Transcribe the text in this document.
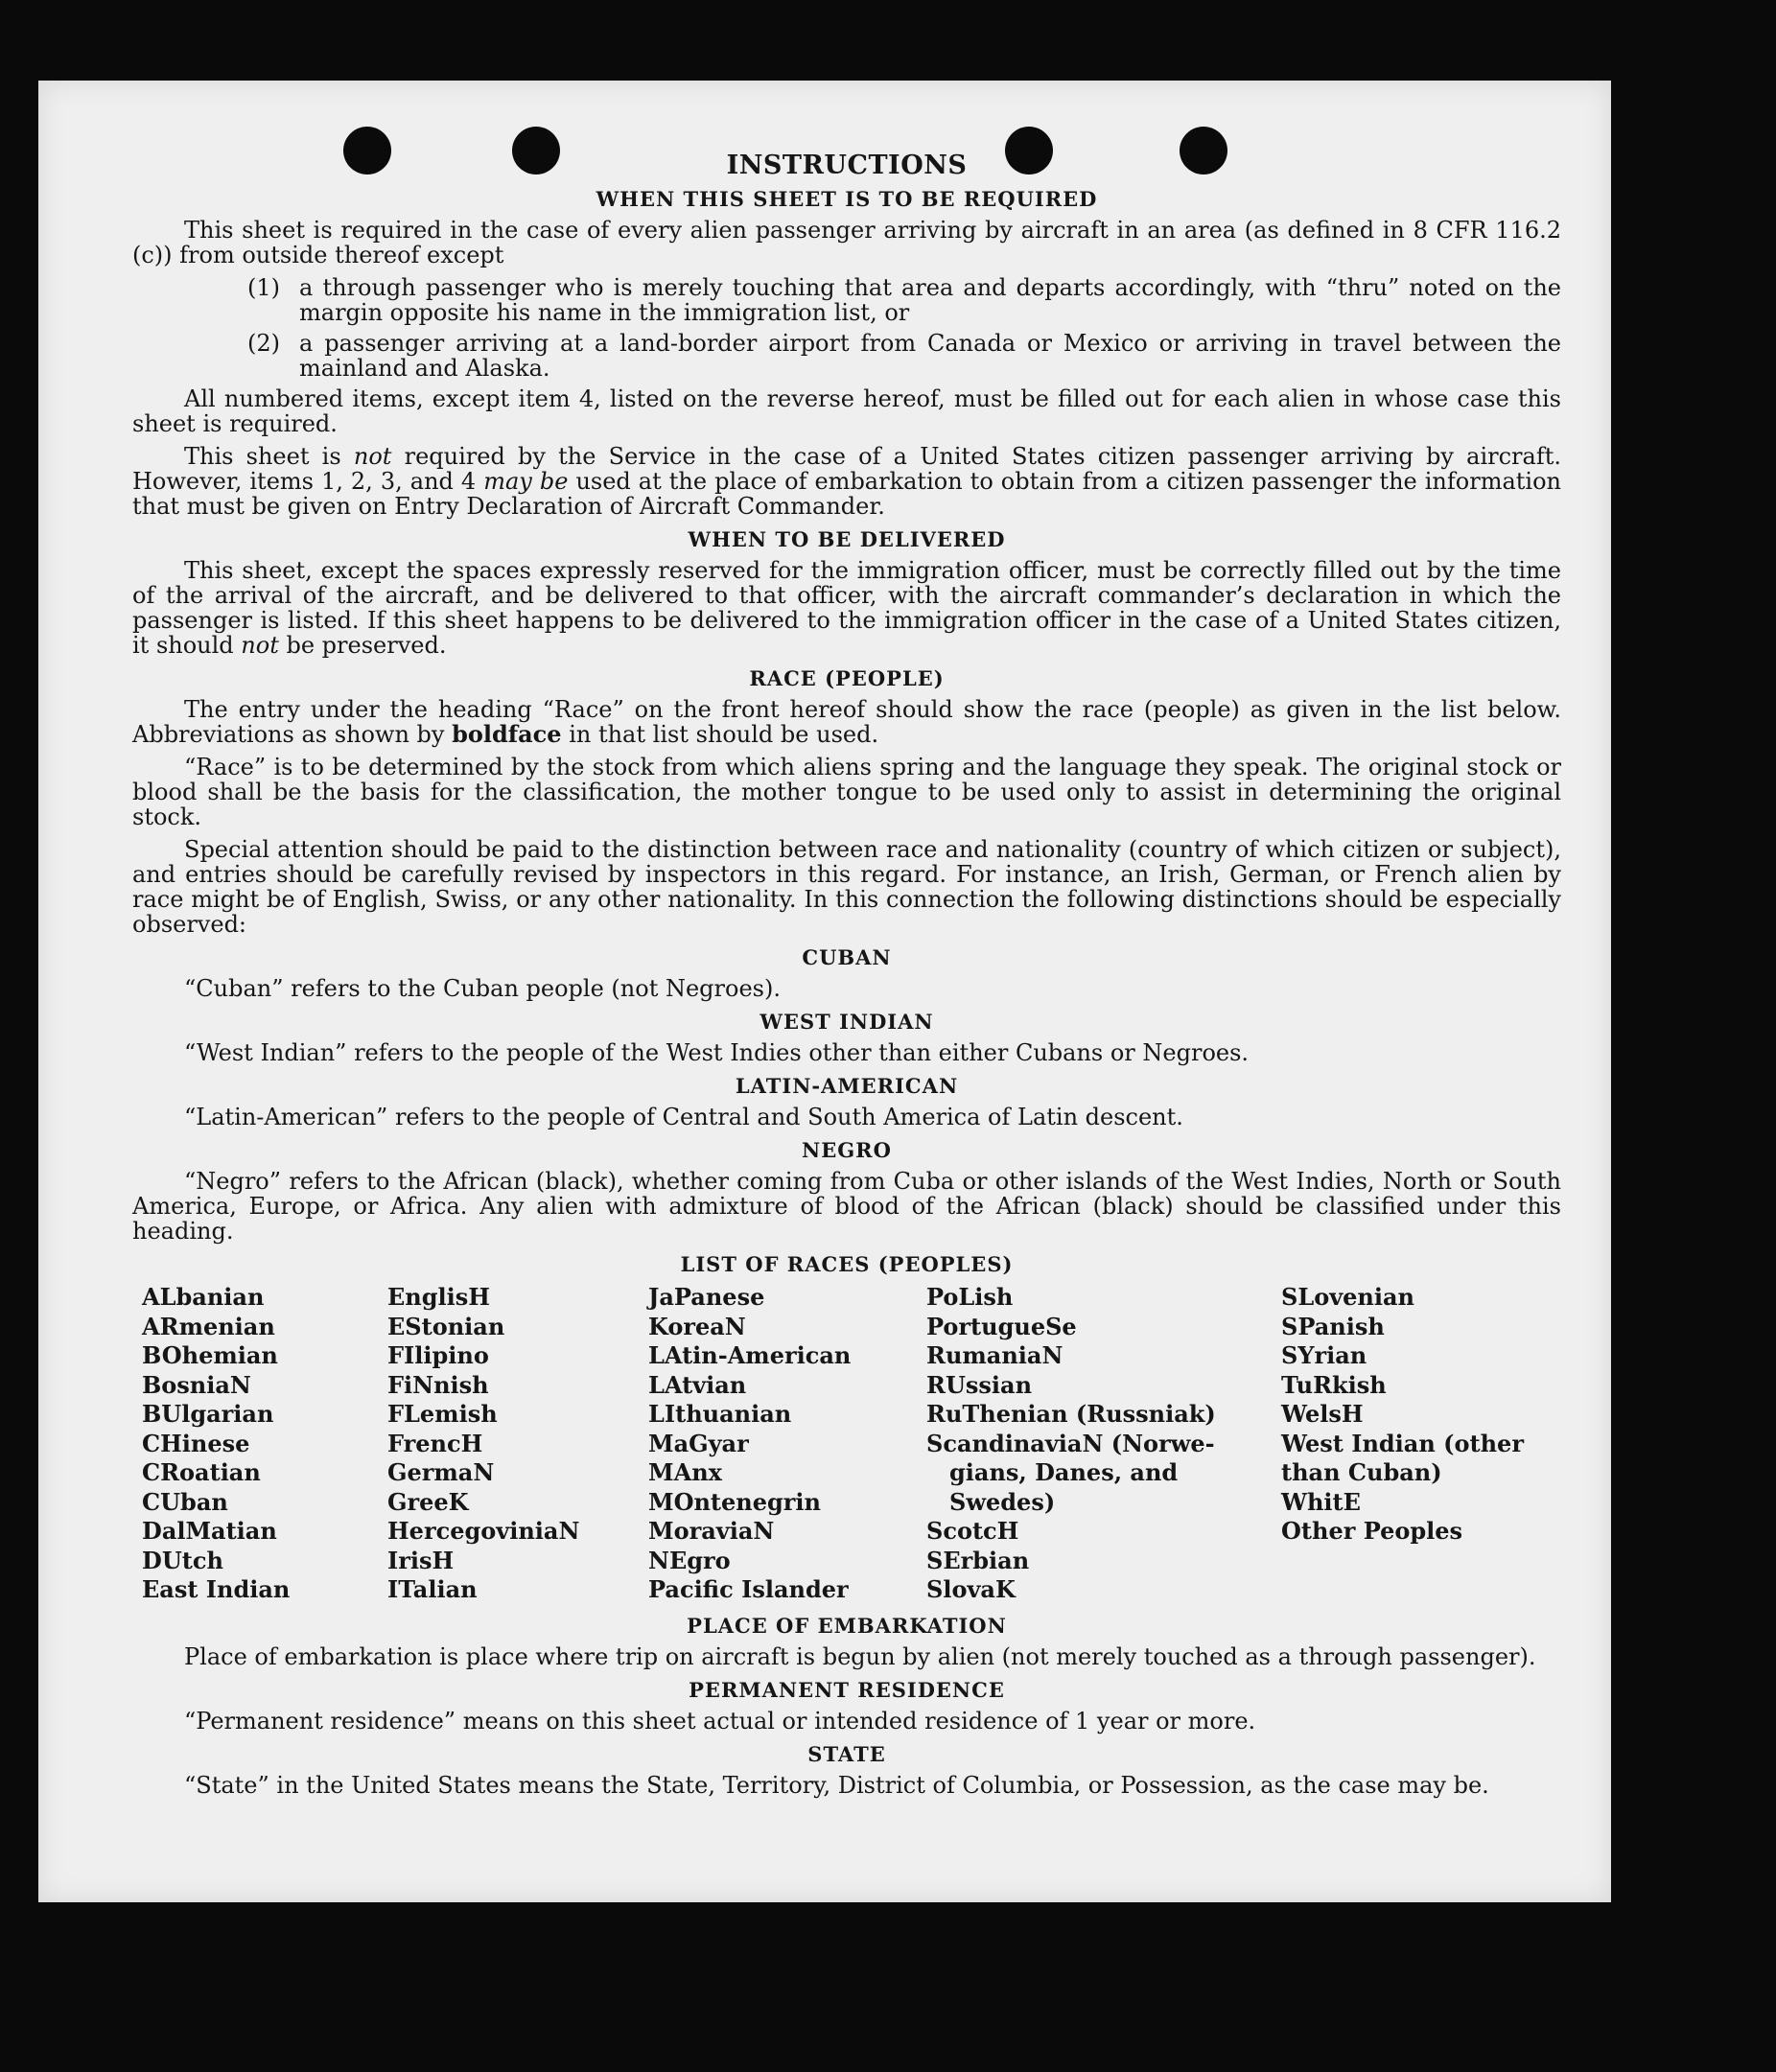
INSTRUCTIONS
WHEN THIS SHEET IS TO BE REQUIRED

This sheet is required in the case of every alien passenger arriving by aircraft in an area (as defined in 8 CFR 116.2 (c)) from outside thereof except

(1) a through passenger who is merely touching that area and departs accordingly, with “thru” noted on the margin opposite his name in the immigration list, or
(2) a passenger arriving at a land-border airport from Canada or Mexico or arriving in travel between the mainland and Alaska.

All numbered items, except item 4, listed on the reverse hereof, must be filled out for each alien in whose case this sheet is required.

This sheet is not required by the Service in the case of a United States citizen passenger arriving by aircraft. However, items 1, 2, 3, and 4 may be used at the place of embarkation to obtain from a citizen passenger the information that must be given on Entry Declaration of Aircraft Commander.

WHEN TO BE DELIVERED

This sheet, except the spaces expressly reserved for the immigration officer, must be correctly filled out by the time of the arrival of the aircraft, and be delivered to that officer, with the aircraft commander’s declaration in which the passenger is listed. If this sheet happens to be delivered to the immigration officer in the case of a United States citizen, it should not be preserved.

RACE (PEOPLE)

The entry under the heading “Race” on the front hereof should show the race (people) as given in the list below. Abbreviations as shown by boldface in that list should be used.

“Race” is to be determined by the stock from which aliens spring and the language they speak. The original stock or blood shall be the basis for the classification, the mother tongue to be used only to assist in determining the original stock.

Special attention should be paid to the distinction between race and nationality (country of which citizen or subject), and entries should be carefully revised by inspectors in this regard. For instance, an Irish, German, or French alien by race might be of English, Swiss, or any other nationality. In this connection the following distinctions should be especially observed:

CUBAN

“Cuban” refers to the Cuban people (not Negroes).

WEST INDIAN

“West Indian” refers to the people of the West Indies other than either Cubans or Negroes.

LATIN-AMERICAN

“Latin-American” refers to the people of Central and South America of Latin descent.

NEGRO

“Negro” refers to the African (black), whether coming from Cuba or other islands of the West Indies, North or South America, Europe, or Africa. Any alien with admixture of blood of the African (black) should be classified under this heading.

LIST OF RACES (PEOPLES)
ALbanian
ARmenian
BOhemian
BosniaN
BUlgarian
CHinese
CRoatian
CUban
DalMatian
DUtch
East Indian
EnglisH
EStonian
FIlipino
FiNnish
FLemish
FrencH
GermaN
GreeK
HercegoviniaN
IrisH
ITalian
JaPanese
KoreaN
LAtin-American
LAtvian
LIthuanian
MaGyar
MAnx
MOntenegrin
MoraviaN
NEgro
Pacific Islander
PoLish
PortugueSe
RumaniaN
RUssian
RuThenian (Russniak)
ScandinaviaN (Norwe-
 gians, Danes, and
 Swedes)
ScotcH
SErbian
SlovaK
SLovenian
SPanish
SYrian
TuRkish
WelsH
West Indian (other
than Cuban)
WhitE
Other Peoples
PLACE OF EMBARKATION

Place of embarkation is place where trip on aircraft is begun by alien (not merely touched as a through passenger).

PERMANENT RESIDENCE

“Permanent residence” means on this sheet actual or intended residence of 1 year or more.

STATE

“State” in the United States means the State, Territory, District of Columbia, or Possession, as the case may be.
